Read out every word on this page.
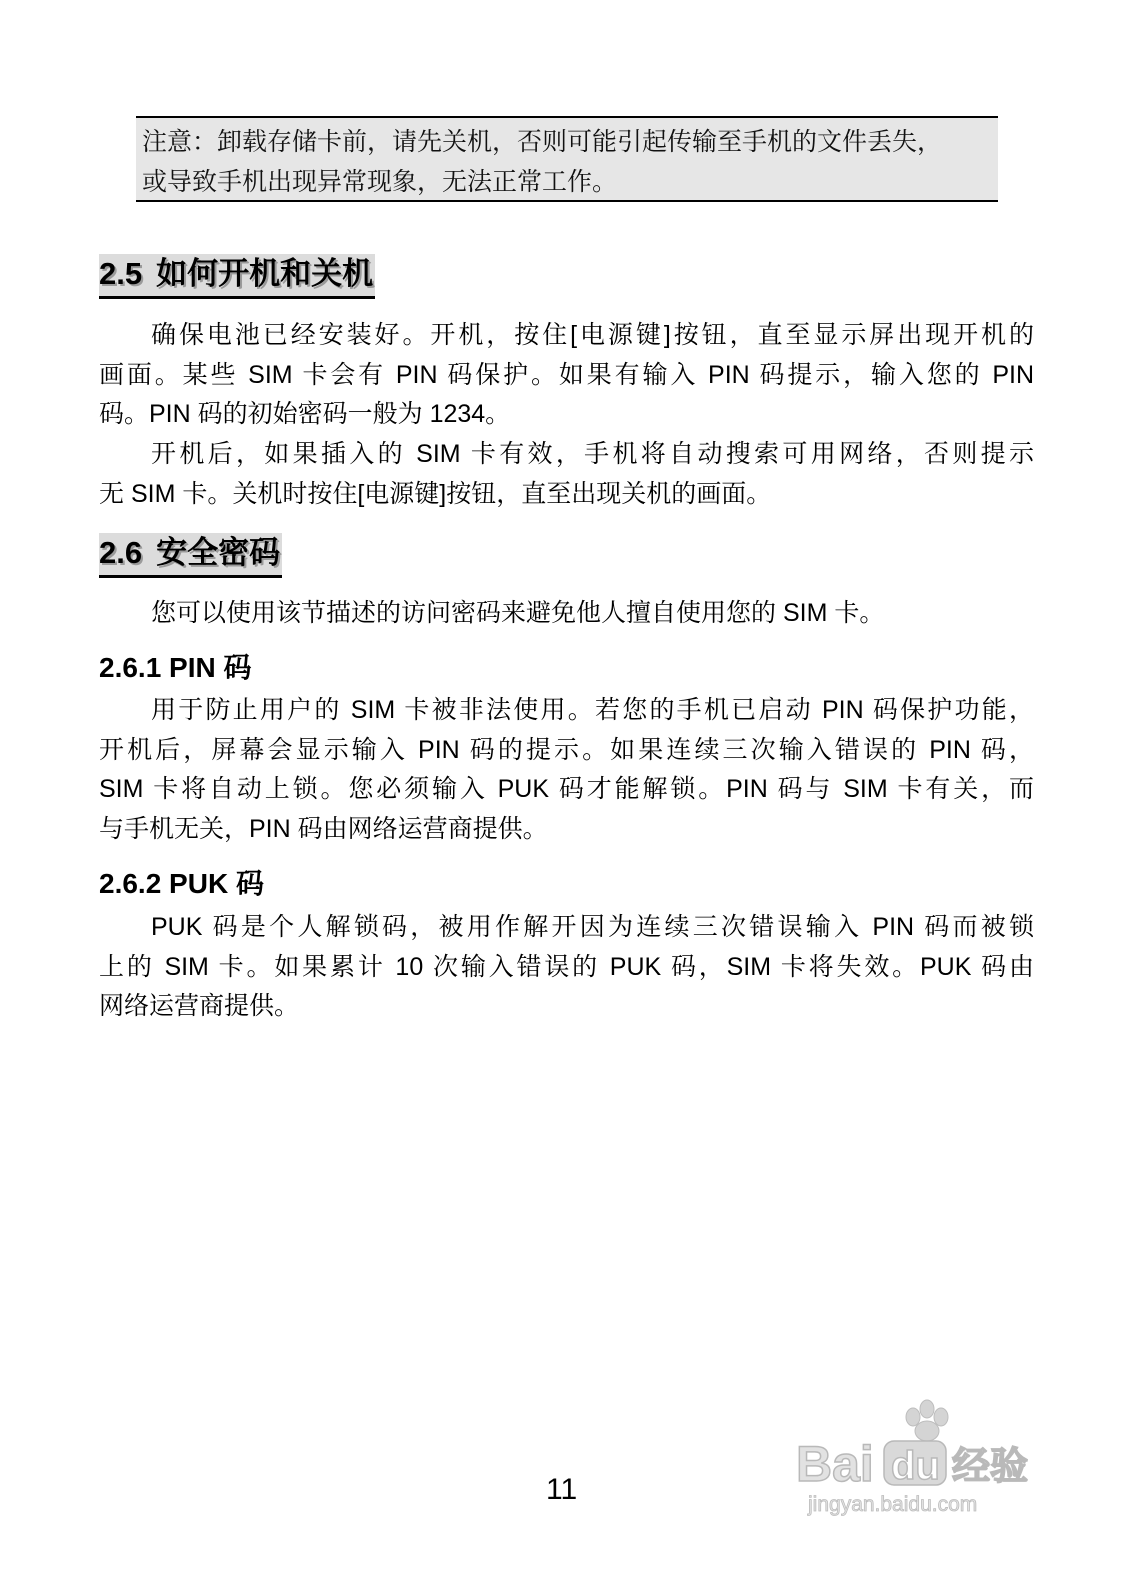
注意：卸载存储卡前，请先关机，否则可能引起传输至手机的文件丢失，
或导致手机出现异常现象，无法正常工作。
2.5 如何开机和关机
确保电池已经安装好。开机，按住[电源键]按钮，直至显示屏出现开机的
画面。某些 SIM 卡会有 PIN 码保护。如果有输入 PIN 码提示，输入您的 PIN
码。PIN 码的初始密码一般为 1234。
开机后，如果插入的 SIM 卡有效，手机将自动搜索可用网络，否则提示
无 SIM 卡。关机时按住[电源键]按钮，直至出现关机的画面。
2.6 安全密码
您可以使用该节描述的访问密码来避免他人擅自使用您的 SIM 卡。
2.6.1 PIN 码
用于防止用户的 SIM 卡被非法使用。若您的手机已启动 PIN 码保护功能，
开机后，屏幕会显示输入 PIN 码的提示。如果连续三次输入错误的 PIN 码，
SIM 卡将自动上锁。您必须输入 PUK 码才能解锁。PIN 码与 SIM 卡有关，而
与手机无关，PIN 码由网络运营商提供。
2.6.2 PUK 码
PUK 码是个人解锁码，被用作解开因为连续三次错误输入 PIN 码而被锁
上的 SIM 卡。如果累计 10 次输入错误的 PUK 码，SIM 卡将失效。PUK 码由
网络运营商提供。
11	Bai du 经验
jingyan.baidu.com
